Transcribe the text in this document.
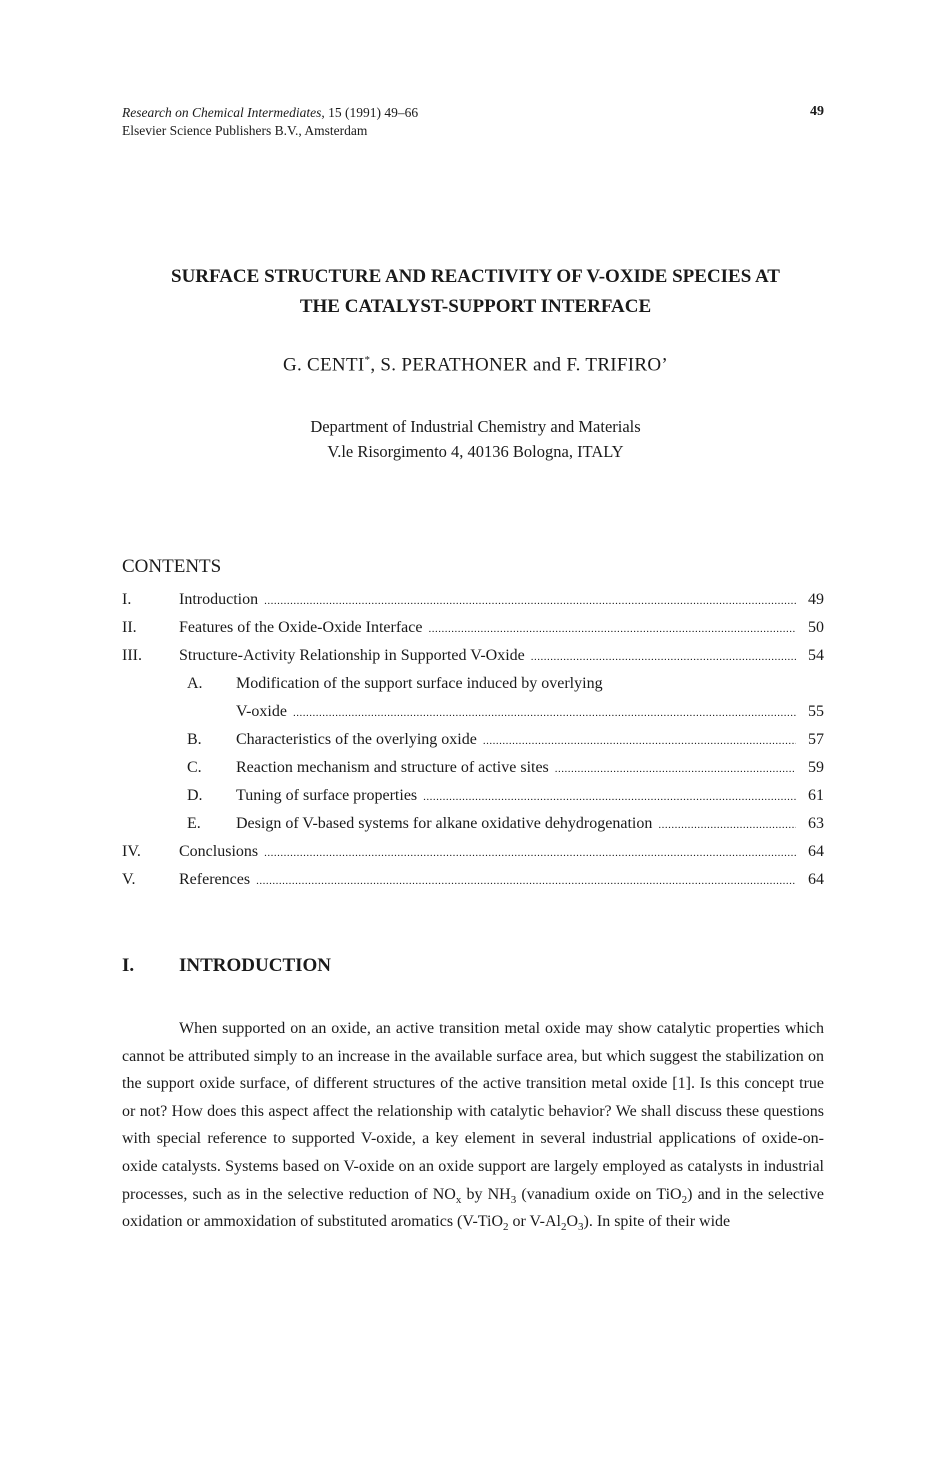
Research on Chemical Intermediates, 15 (1991) 49–66
Elsevier Science Publishers B.V., Amsterdam
49
SURFACE STRUCTURE AND REACTIVITY OF V-OXIDE SPECIES AT
THE CATALYST-SUPPORT INTERFACE
G. CENTI*, S. PERATHONER and F. TRIFIRO’
Department of Industrial Chemistry and Materials
V.le Risorgimento 4, 40136 Bologna, ITALY
CONTENTS
I.	Introduction .....	49
II.	Features of the Oxide-Oxide Interface .....	50
III. Structure-Activity Relationship in Supported V-Oxide .....	54
A. Modification of the support surface induced by overlying
V-oxide .....	55
B. Characteristics of the overlying oxide .....	57
C. Reaction mechanism and structure of active sites .....	59
D. Tuning of surface properties .....	61
E. Design of V-based systems for alkane oxidative dehydrogenation .....	63
IV. Conclusions .....	64
V.	References .....	64
I. INTRODUCTION

When supported on an oxide, an active transition metal oxide may show catalytic properties which cannot be attributed simply to an increase in the available surface area, but which suggest the stabilization on the support oxide surface, of different structures of the active transition metal oxide [1]. Is this concept true or not? How does this aspect affect the relationship with catalytic behavior? We shall discuss these questions with special reference to supported V-oxide, a key element in several industrial applications of oxide-on-oxide catalysts. Systems based on V-oxide on an oxide support are largely employed as catalysts in industrial processes, such as in the selective reduction of $NO_x$ by $NH_3$ (vanadium oxide on TiO$_2$) and in the selective oxidation or ammoxidation of substituted aromatics (V-TiO$_2$ or $V-Al_2O_3$). In spite of their wide
